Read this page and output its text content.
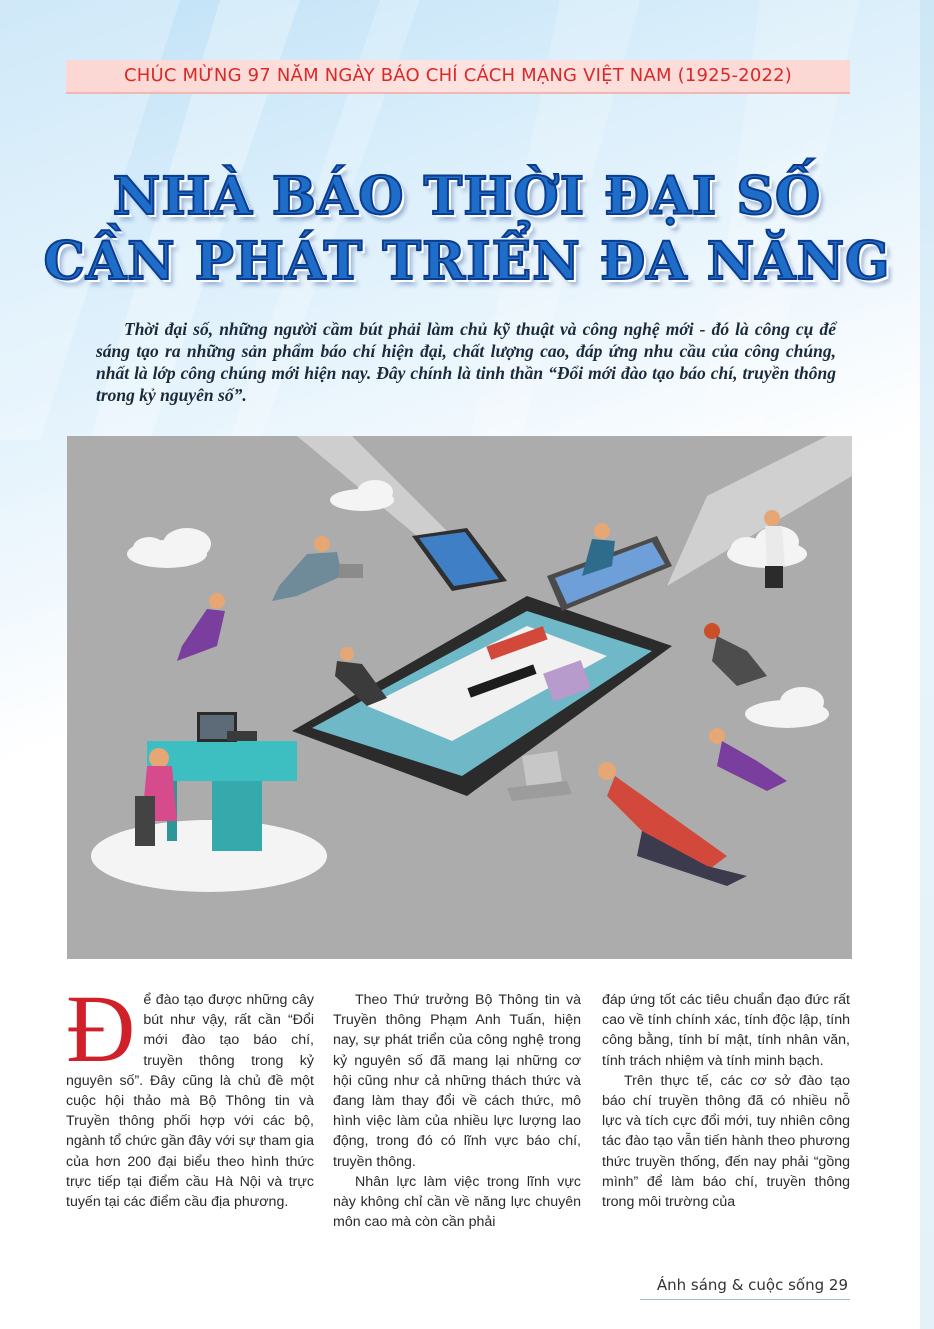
CHÚC MỪNG 97 NĂM NGÀY BÁO CHÍ CÁCH MẠNG VIỆT NAM (1925-2022)
NHÀ BÁO THỜI ĐẠI SỐ
CẦN PHÁT TRIỂN ĐA NĂNG
Thời đại số, những người cầm bút phải làm chủ kỹ thuật và công nghệ mới - đó là công cụ để sáng tạo ra những sản phẩm báo chí hiện đại, chất lượng cao, đáp ứng nhu cầu của công chúng, nhất là lớp công chúng mới hiện nay. Đây chính là tinh thần “Đổi mới đào tạo báo chí, truyền thông trong kỷ nguyên số”.

Để đào tạo được những cây bút như vậy, rất cần “Đổi mới đào tạo báo chí, truyền thông trong kỷ nguyên số”. Đây cũng là chủ đề một cuộc hội thảo mà Bộ Thông tin và Truyền thông phối hợp với các bộ, ngành tổ chức gần đây với sự tham gia của hơn 200 đại biểu theo hình thức trực tiếp tại điểm cầu Hà Nội và trực tuyến tại các điểm cầu địa phương.

Theo Thứ trưởng Bộ Thông tin và Truyền thông Phạm Anh Tuấn, hiện nay, sự phát triển của công nghệ trong kỷ nguyên số đã mang lại những cơ hội cũng như cả những thách thức và đang làm thay đổi về cách thức, mô hình việc làm của nhiều lực lượng lao động, trong đó có lĩnh vực báo chí, truyền thông.

Nhân lực làm việc trong lĩnh vực này không chỉ cần về năng lực chuyên môn cao mà còn cần phải

đáp ứng tốt các tiêu chuẩn đạo đức rất cao về tính chính xác, tính độc lập, tính công bằng, tính bí mật, tính nhân văn, tính trách nhiệm và tính minh bạch.

Trên thực tế, các cơ sở đào tạo báo chí truyền thông đã có nhiều nỗ lực và tích cực đổi mới, tuy nhiên công tác đào tạo vẫn tiến hành theo phương thức truyền thống, đến nay phải “gồng mình” để làm báo chí, truyền thông trong môi trường của

Ánh sáng & cuộc sống 29
